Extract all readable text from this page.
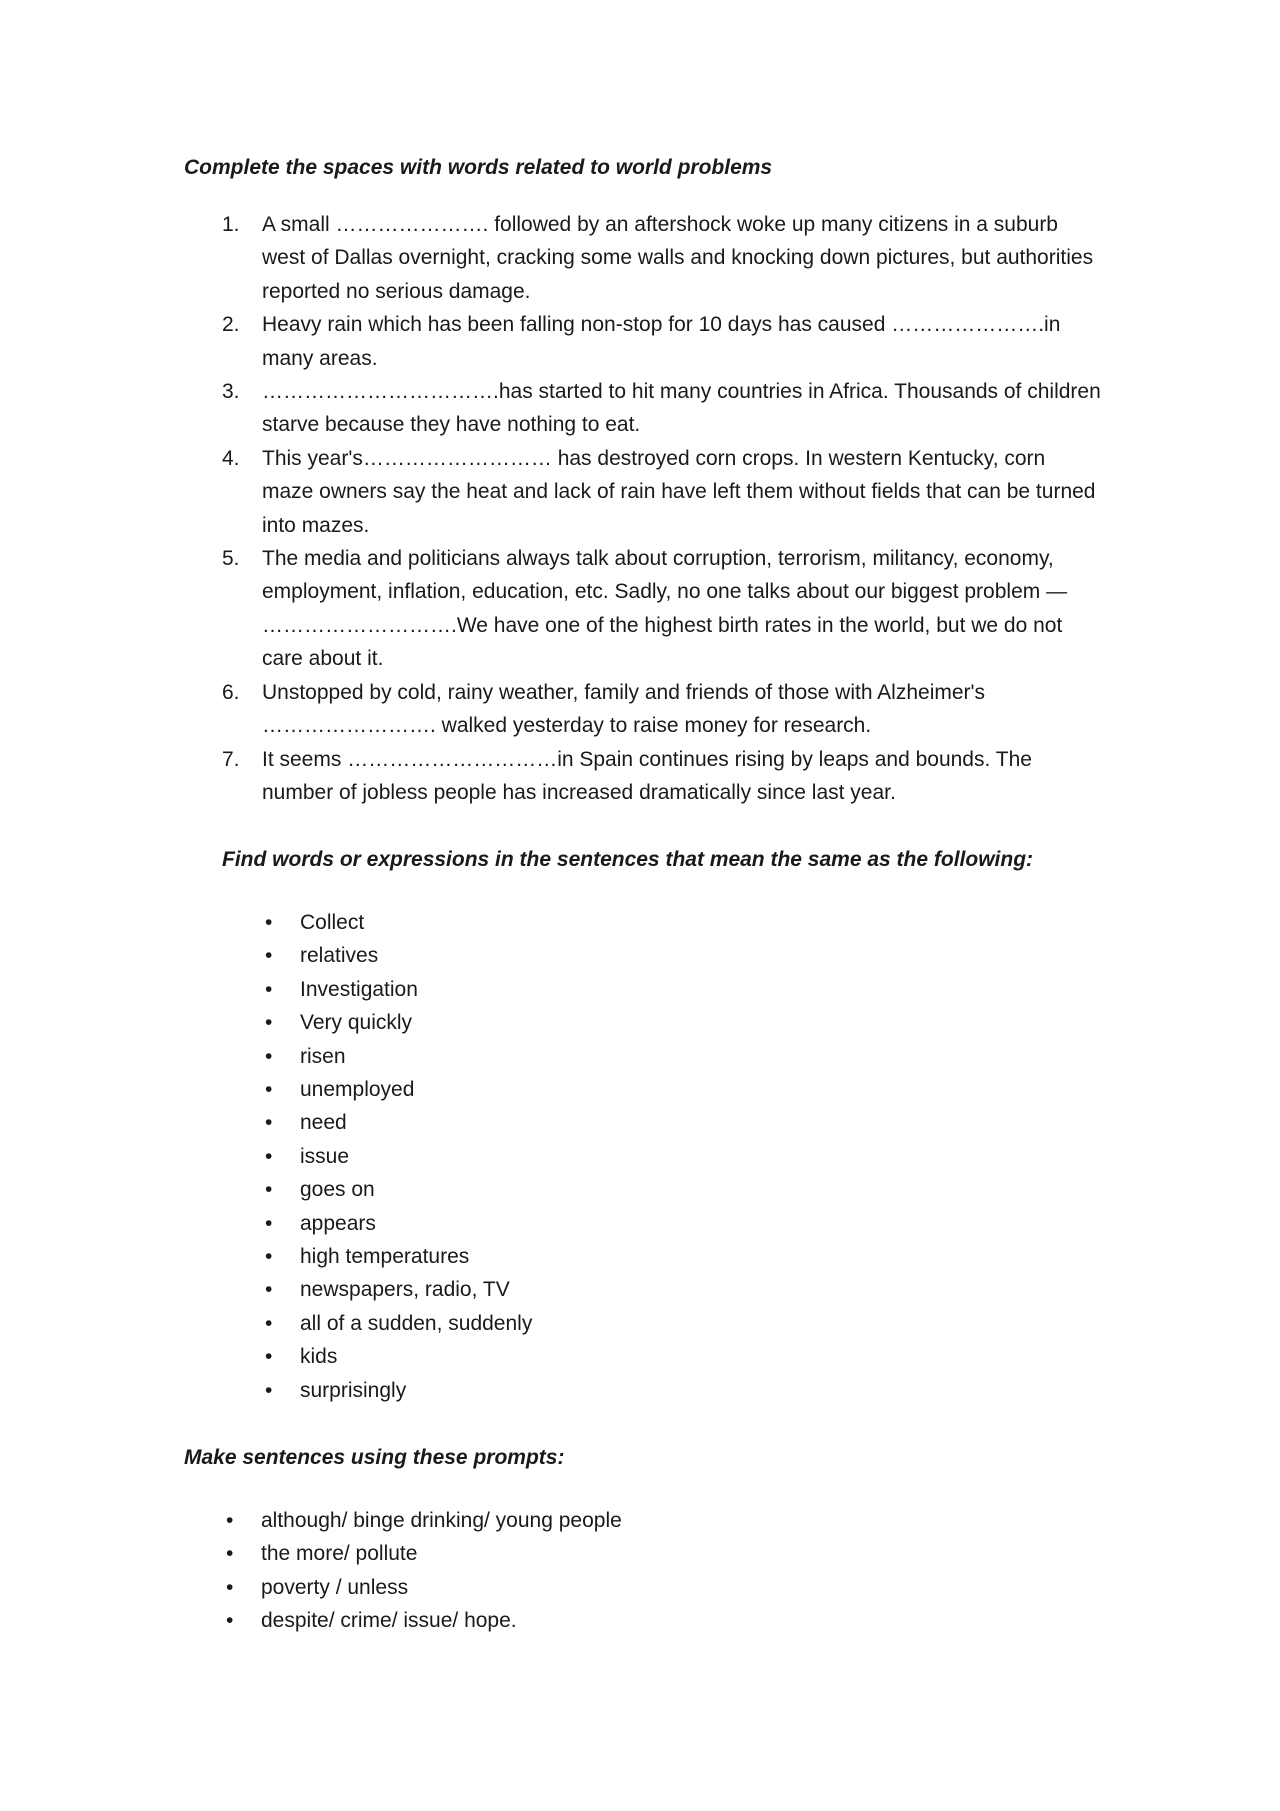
Complete the spaces with words related to world problems
1. A small …………………. followed by an aftershock woke up many citizens in a suburb west of Dallas overnight, cracking some walls and knocking down pictures, but authorities reported no serious damage.
2. Heavy rain which has been falling non-stop for 10 days has caused ………………….in many areas.
3. …………………………….has started to hit many countries in Africa. Thousands of children starve because they have nothing to eat.
4. This year's……………………… has destroyed corn crops. In western Kentucky, corn maze owners say the heat and lack of rain have left them without fields that can be turned into mazes.
5. The media and politicians always talk about corruption, terrorism, militancy, economy, employment, inflation, education, etc. Sadly, no one talks about our biggest problem — ……………………….We have one of the highest birth rates in the world, but we do not care about it.
6. Unstopped by cold, rainy weather, family and friends of those with Alzheimer's ……………………. walked yesterday to raise money for research.
7. It seems …………………………in Spain continues rising by leaps and bounds. The number of jobless people has increased dramatically since last year.
Find words or expressions in the sentences that mean the same as the following:
• Collect
• relatives
• Investigation
• Very quickly
• risen
• unemployed
• need
• issue
• goes on
• appears
• high temperatures
• newspapers, radio, TV
• all of a sudden, suddenly
• kids
• surprisingly
Make sentences using these prompts:
• although/ binge drinking/ young people
• the more/ pollute
• poverty / unless
• despite/ crime/ issue/ hope.
